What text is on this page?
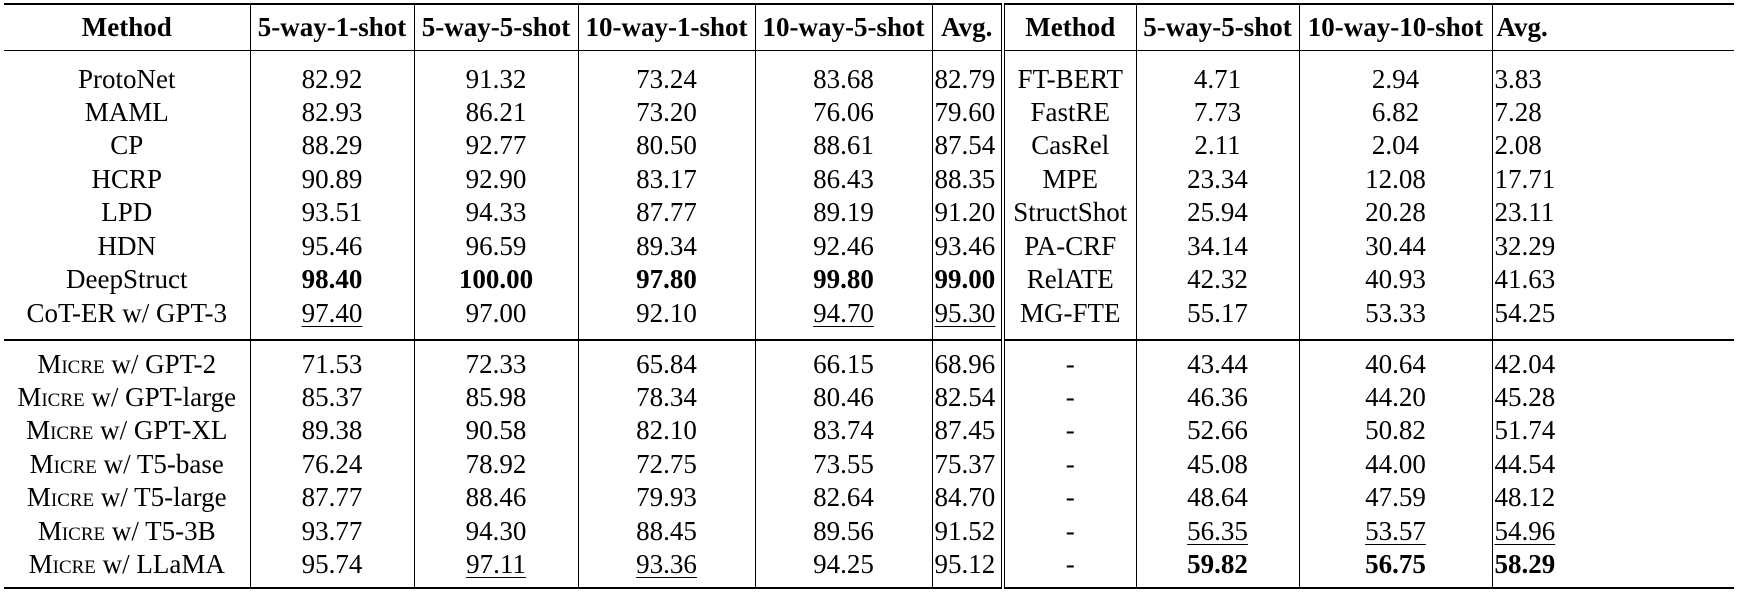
Method	5-way-1-shot	5-way-5-shot	10-way-1-shot	10-way-5-shot	Avg.	Method	5-way-5-shot	10-way-10-shot	Avg.
ProtoNet	82.92	91.32	73.24	83.68	82.79	FT-BERT	4.71	2.94	3.83
MAML	82.93	86.21	73.20	76.06	79.60	FastRE	7.73	6.82	7.28
CP	88.29	92.77	80.50	88.61	87.54	CasRel	2.11	2.04	2.08
HCRP	90.89	92.90	83.17	86.43	88.35	MPE	23.34	12.08	17.71
LPD	93.51	94.33	87.77	89.19	91.20	StructShot	25.94	20.28	23.11
HDN	95.46	96.59	89.34	92.46	93.46	PA-CRF	34.14	30.44	32.29
DeepStruct	98.40	100.00	97.80	99.80	99.00	RelATE	42.32	40.93	41.63
CoT-ER w/ GPT-3	97.40	97.00	92.10	94.70	95.30	MG-FTE	55.17	53.33	54.25
Micre w/ GPT-2	71.53	72.33	65.84	66.15	68.96	-	43.44	40.64	42.04
Micre w/ GPT-large	85.37	85.98	78.34	80.46	82.54	-	46.36	44.20	45.28
Micre w/ GPT-XL	89.38	90.58	82.10	83.74	87.45	-	52.66	50.82	51.74
Micre w/ T5-base	76.24	78.92	72.75	73.55	75.37	-	45.08	44.00	44.54
Micre w/ T5-large	87.77	88.46	79.93	82.64	84.70	-	48.64	47.59	48.12
Micre w/ T5-3B	93.77	94.30	88.45	89.56	91.52	-	56.35	53.57	54.96
Micre w/ LLaMA	95.74	97.11	93.36	94.25	95.12	-	59.82	56.75	58.29
